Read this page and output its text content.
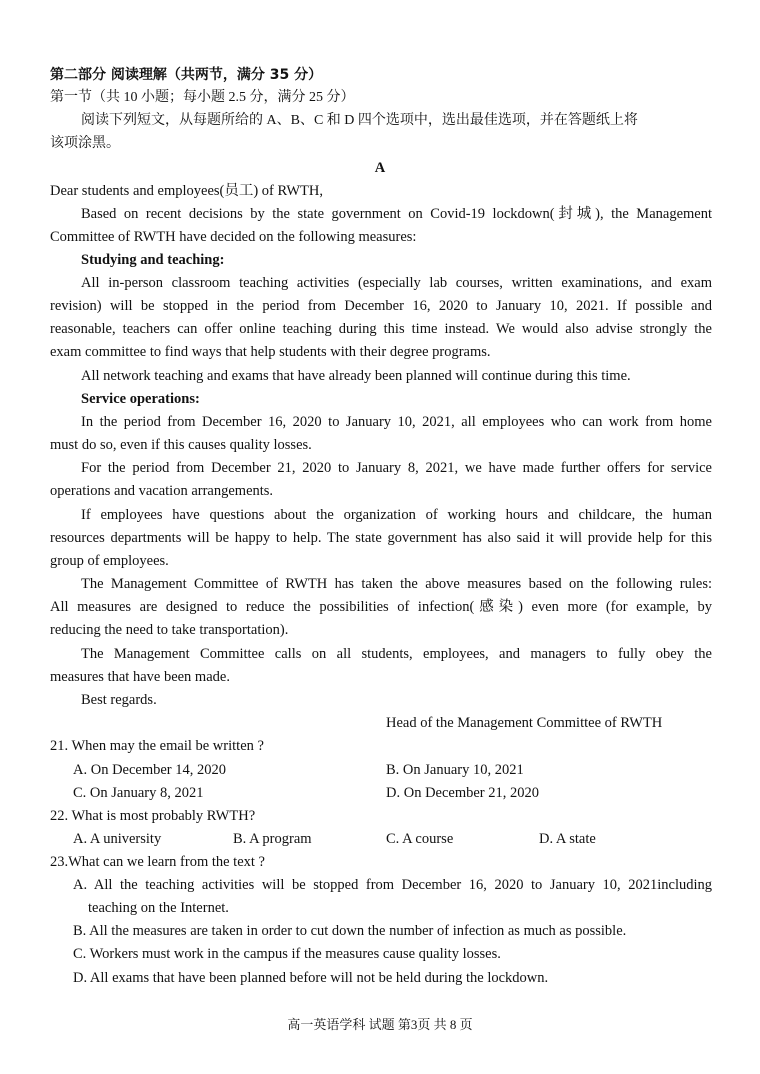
第二部分 阅读理解（共两节，满分 35 分）
第一节（共 10 小题；每小题 2.5 分，满分 25 分）
阅读下列短文，从每题所给的 A、B、C 和 D 四个选项中，选出最佳选项，并在答题纸上将
该项涂黑。
A
Dear students and employees(员工) of RWTH,
Based on recent decisions by the state government on Covid-19 lockdown(封城), the Management
Committee of RWTH have decided on the following measures:
Studying and teaching:
All in-person classroom teaching activities (especially lab courses, written examinations, and exam
revision) will be stopped in the period from December 16, 2020 to January 10, 2021. If possible and
reasonable, teachers can offer online teaching during this time instead. We would also advise strongly the
exam committee to find ways that help students with their degree programs.
All network teaching and exams that have already been planned will continue during this time.
Service operations:
In the period from December 16, 2020 to January 10, 2021, all employees who can work from home
must do so, even if this causes quality losses.
For the period from December 21, 2020 to January 8, 2021, we have made further offers for service
operations and vacation arrangements.
If employees have questions about the organization of working hours and childcare, the human
resources departments will be happy to help. The state government has also said it will provide help for this
group of employees.
The Management Committee of RWTH has taken the above measures based on the following rules:
All measures are designed to reduce the possibilities of infection(感染) even more (for example, by
reducing the need to take transportation).
The Management Committee calls on all students, employees, and managers to fully obey the
measures that have been made.
Best regards.
Head of the Management Committee of RWTH
21. When may the email be written ?
A. On December 14, 2020	B. On January 10, 2021
C. On January 8, 2021	D. On December 21, 2020
22. What is most probably RWTH?
A. A university	B. A program	C. A course	D. A state
23.What can we learn from the text ?
A. All the teaching activities will be stopped from December 16, 2020 to January 10, 2021including
teaching on the Internet.
B. All the measures are taken in order to cut down the number of infection as much as possible.
C. Workers must work in the campus if the measures cause quality losses.
D. All exams that have been planned before will not be held during the lockdown.
高一英语学科 试题 第3页 共 8 页
